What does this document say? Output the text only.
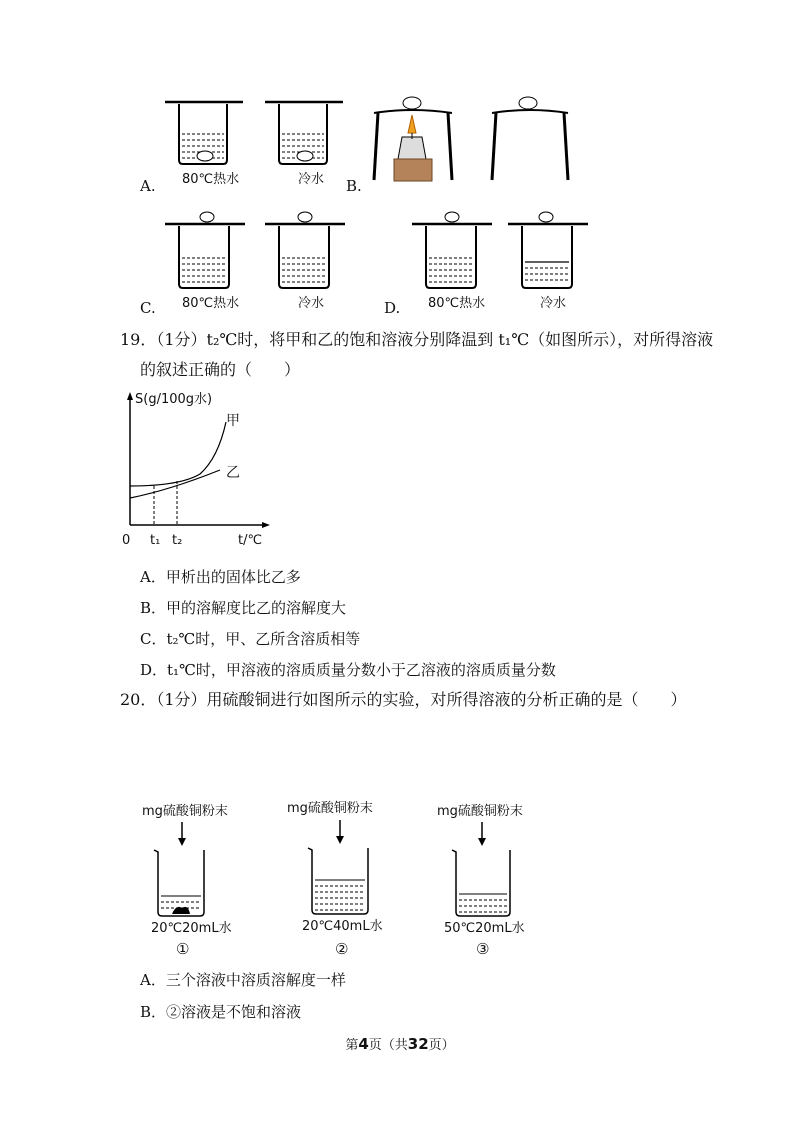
A. 80℃热水	冷水 B.
C. 80℃热水	冷水	D. 80℃热水	冷水
19．（1分）t₂℃时，将甲和乙的饱和溶液分别降温到 t₁℃（如图所示），对所得溶液
的叙述正确的（　　）
S(g/100g水)
甲
乙
0 t₁ t₂	t/℃
A．甲析出的固体比乙多
B．甲的溶解度比乙的溶解度大
C．t₂℃时，甲、乙所含溶质相等
D．t₁℃时，甲溶液的溶质质量分数小于乙溶液的溶质质量分数
20．（1分）用硫酸铜进行如图所示的实验，对所得溶液的分析正确的是（　　）
mg硫酸铜粉末
20℃20mL水
①
mg硫酸铜粉末
20℃40mL水
②
mg硫酸铜粉末
50℃20mL水
③
A．三个溶液中溶质溶解度一样
B．②溶液是不饱和溶液
第4页（共32页）
